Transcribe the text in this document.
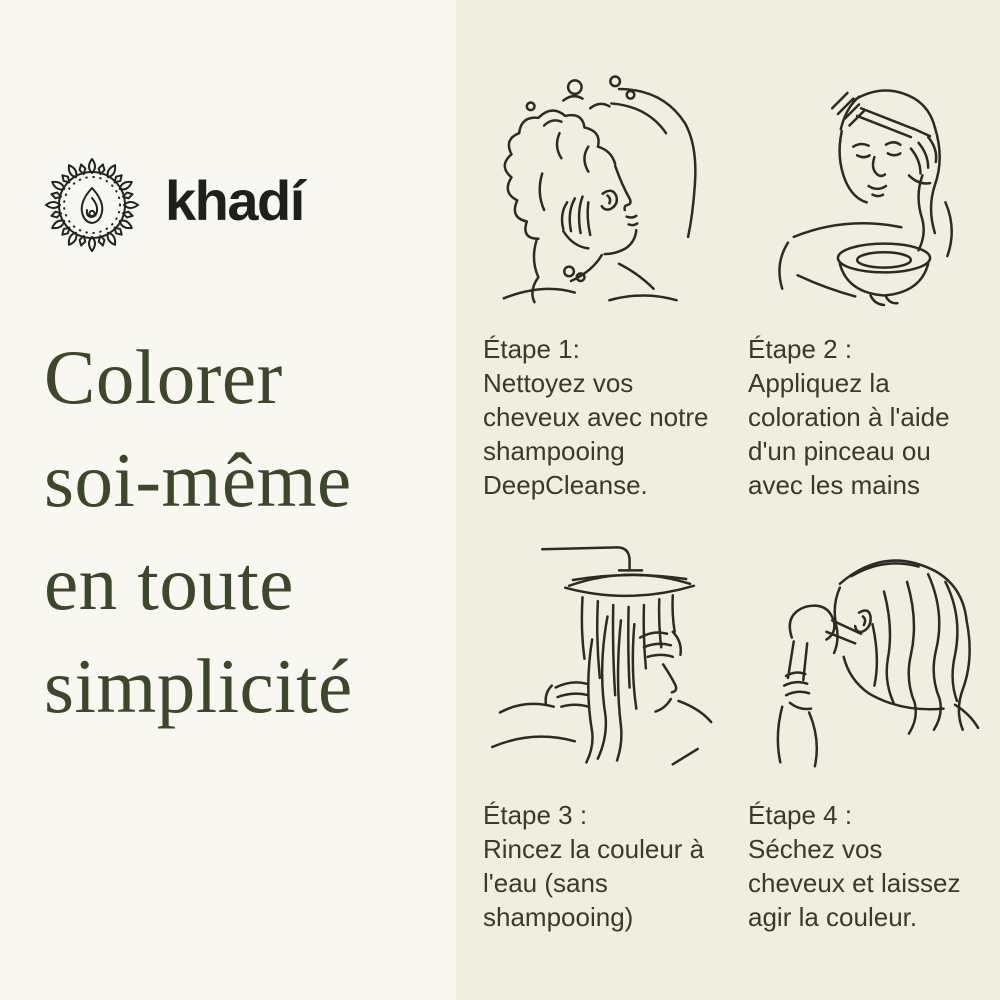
khadí
Colorer
soi-même
en toute
simplicité
Étape 1:
Nettoyez vos cheveux avec notre shampooing DeepCleanse.
Étape 2 :
Appliquez la coloration à l'aide d'un pinceau ou avec les mains
Étape 3 :
Rincez la couleur à l'eau (sans shampooing)
Étape 4 :
Séchez vos cheveux et laissez agir la couleur.
